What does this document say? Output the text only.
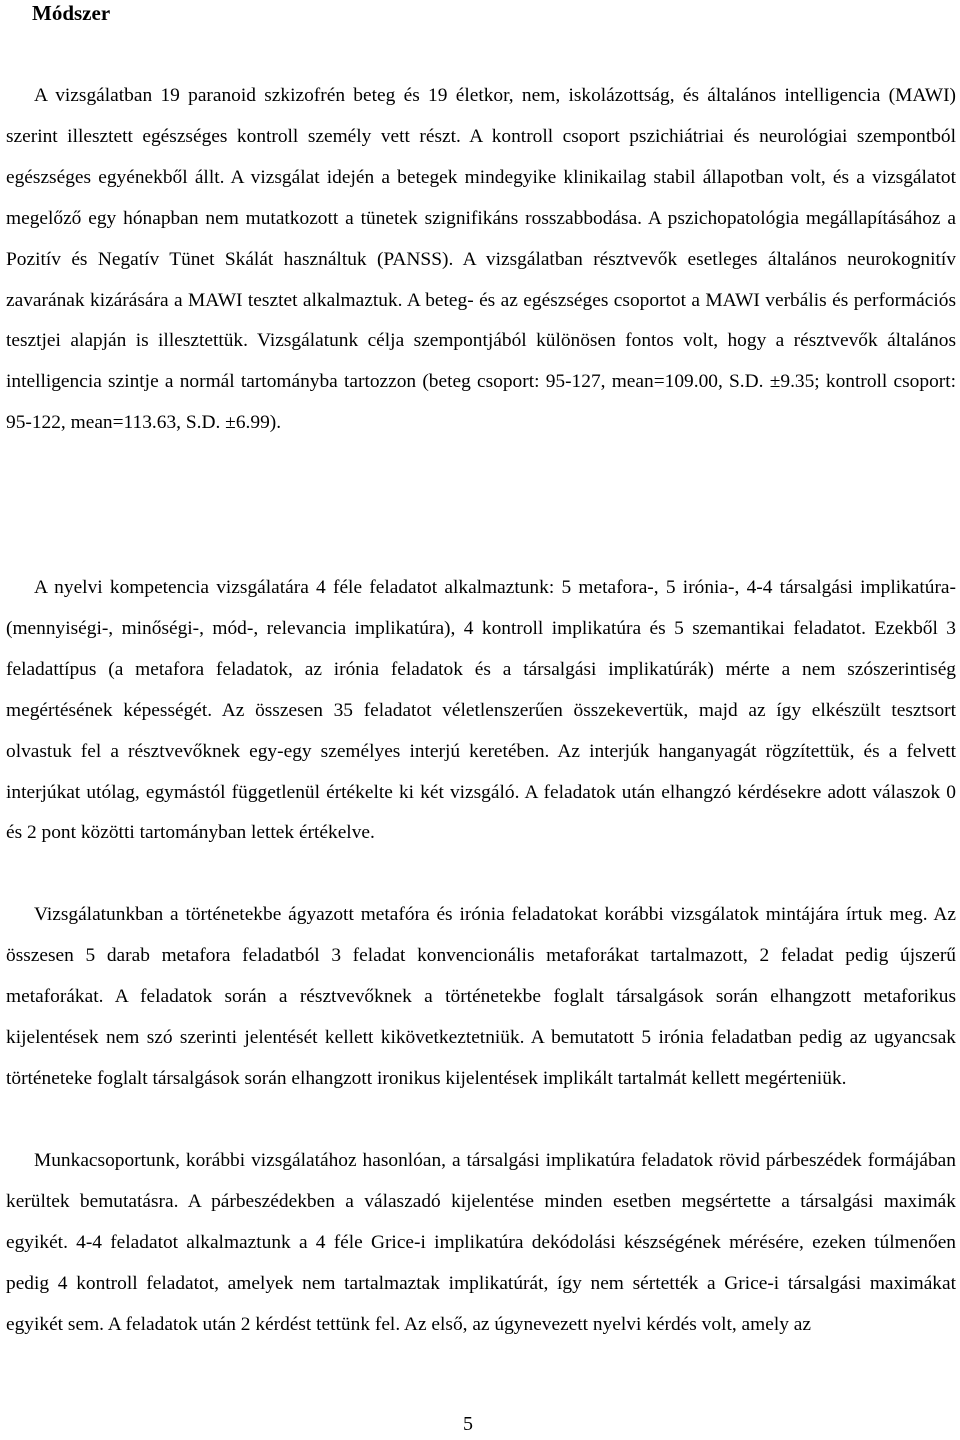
Módszer

A vizsgálatban 19 paranoid szkizofrén beteg és 19 életkor, nem, iskolázottság, és általános intelligencia (MAWI) szerint illesztett egészséges kontroll személy vett részt. A kontroll csoport pszichiátriai és neurológiai szempontból egészséges egyénekből állt. A vizsgálat idején a betegek mindegyike klinikailag stabil állapotban volt, és a vizsgálatot megelőző egy hónapban nem mutatkozott a tünetek szignifikáns rosszabbodása. A pszichopatológia megállapításához a Pozitív és Negatív Tünet Skálát használtuk (PANSS). A vizsgálatban résztvevők esetleges általános neurokognitív zavarának kizárására a MAWI tesztet alkalmaztuk. A beteg- és az egészséges csoportot a MAWI verbális és performációs tesztjei alapján is illesztettük. Vizsgálatunk célja szempontjából különösen fontos volt, hogy a résztvevők általános intelligencia szintje a normál tartományba tartozzon (beteg csoport: 95-127, mean=109.00, S.D. ±9.35; kontroll csoport: 95-122, mean=113.63, S.D. ±6.99).

A nyelvi kompetencia vizsgálatára 4 féle feladatot alkalmaztunk: 5 metafora-, 5 irónia-, 4-4 társalgási implikatúra- (mennyiségi-, minőségi-, mód-, relevancia implikatúra), 4 kontroll implikatúra és 5 szemantikai feladatot. Ezekből 3 feladattípus (a metafora feladatok, az irónia feladatok és a társalgási implikatúrák) mérte a nem szószerintiség megértésének képességét. Az összesen 35 feladatot véletlenszerűen összekevertük, majd az így elkészült tesztsort olvastuk fel a résztvevőknek egy-egy személyes interjú keretében. Az interjúk hanganyagát rögzítettük, és a felvett interjúkat utólag, egymástól függetlenül értékelte ki két vizsgáló. A feladatok után elhangzó kérdésekre adott válaszok 0 és 2 pont közötti tartományban lettek értékelve.

Vizsgálatunkban a történetekbe ágyazott metafóra és irónia feladatokat korábbi vizsgálatok mintájára írtuk meg. Az összesen 5 darab metafora feladatból 3 feladat konvencionális metaforákat tartalmazott, 2 feladat pedig újszerű metaforákat. A feladatok során a résztvevőknek a történetekbe foglalt társalgások során elhangzott metaforikus kijelentések nem szó szerinti jelentését kellett kikövetkeztetniük. A bemutatott 5 irónia feladatban pedig az ugyancsak történeteke foglalt társalgások során elhangzott ironikus kijelentések implikált tartalmát kellett megérteniük.

Munkacsoportunk, korábbi vizsgálatához hasonlóan, a társalgási implikatúra feladatok rövid párbeszédek formájában kerültek bemutatásra. A párbeszédekben a válaszadó kijelentése minden esetben megsértette a társalgási maximák egyikét. 4-4 feladatot alkalmaztunk a 4 féle Grice-i implikatúra dekódolási készségének mérésére, ezeken túlmenően pedig 4 kontroll feladatot, amelyek nem tartalmaztak implikatúrát, így nem sértették a Grice-i társalgási maximákat egyikét sem. A feladatok után 2 kérdést tettünk fel. Az első, az úgynevezett nyelvi kérdés volt, amely az

5
